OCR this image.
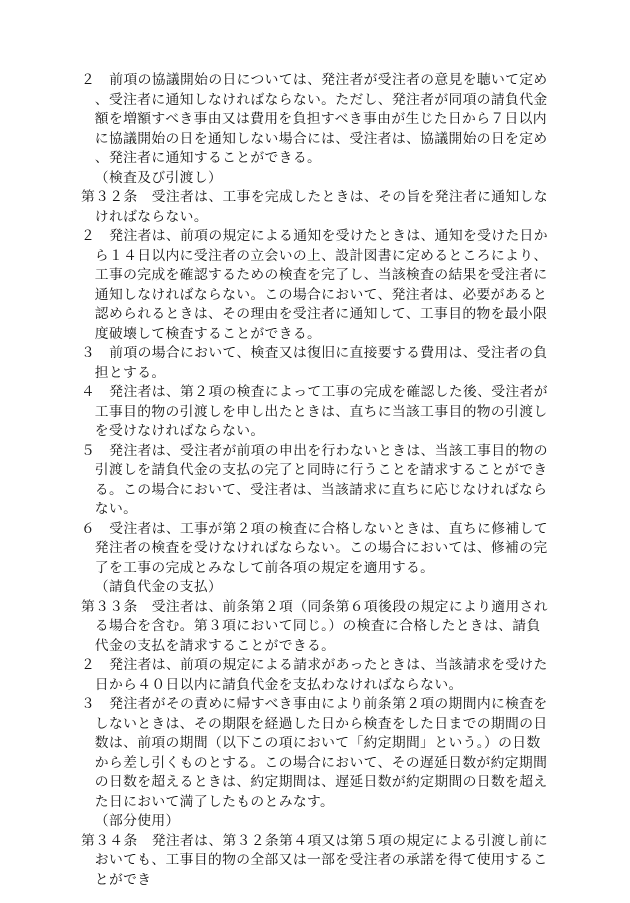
２　前項の協議開始の日については、発注者が受注者の意見を聴いて定め、受注者に通知しなければならない。ただし、発注者が同項の請負代金額を増額すべき事由又は費用を負担すべき事由が生じた日から７日以内に協議開始の日を通知しない場合には、受注者は、協議開始の日を定め、発注者に通知することができる。

（検査及び引渡し）

第３２条　受注者は、工事を完成したときは、その旨を発注者に通知しなければならない。

２　発注者は、前項の規定による通知を受けたときは、通知を受けた日から１４日以内に受注者の立会いの上、設計図書に定めるところにより、工事の完成を確認するための検査を完了し、当該検査の結果を受注者に通知しなければならない。この場合において、発注者は、必要があると認められるときは、その理由を受注者に通知して、工事目的物を最小限度破壊して検査することができる。

３　前項の場合において、検査又は復旧に直接要する費用は、受注者の負担とする。

４　発注者は、第２項の検査によって工事の完成を確認した後、受注者が工事目的物の引渡しを申し出たときは、直ちに当該工事目的物の引渡しを受けなければならない。

５　発注者は、受注者が前項の申出を行わないときは、当該工事目的物の引渡しを請負代金の支払の完了と同時に行うことを請求することができる。この場合において、受注者は、当該請求に直ちに応じなければならない。

６　受注者は、工事が第２項の検査に合格しないときは、直ちに修補して発注者の検査を受けなければならない。この場合においては、修補の完了を工事の完成とみなして前各項の規定を適用する。

（請負代金の支払）

第３３条　受注者は、前条第２項（同条第６項後段の規定により適用される場合を含む。第３項において同じ。）の検査に合格したときは、請負代金の支払を請求することができる。

２　発注者は、前項の規定による請求があったときは、当該請求を受けた日から４０日以内に請負代金を支払わなければならない。

３　発注者がその責めに帰すべき事由により前条第２項の期間内に検査をしないときは、その期限を経過した日から検査をした日までの期間の日数は、前項の期間（以下この項において「約定期間」という。）の日数から差し引くものとする。この場合において、その遅延日数が約定期間の日数を超えるときは、約定期間は、遅延日数が約定期間の日数を超えた日において満了したものとみなす。

（部分使用）

第３４条　発注者は、第３２条第４項又は第５項の規定による引渡し前においても、工事目的物の全部又は一部を受注者の承諾を得て使用することができ
